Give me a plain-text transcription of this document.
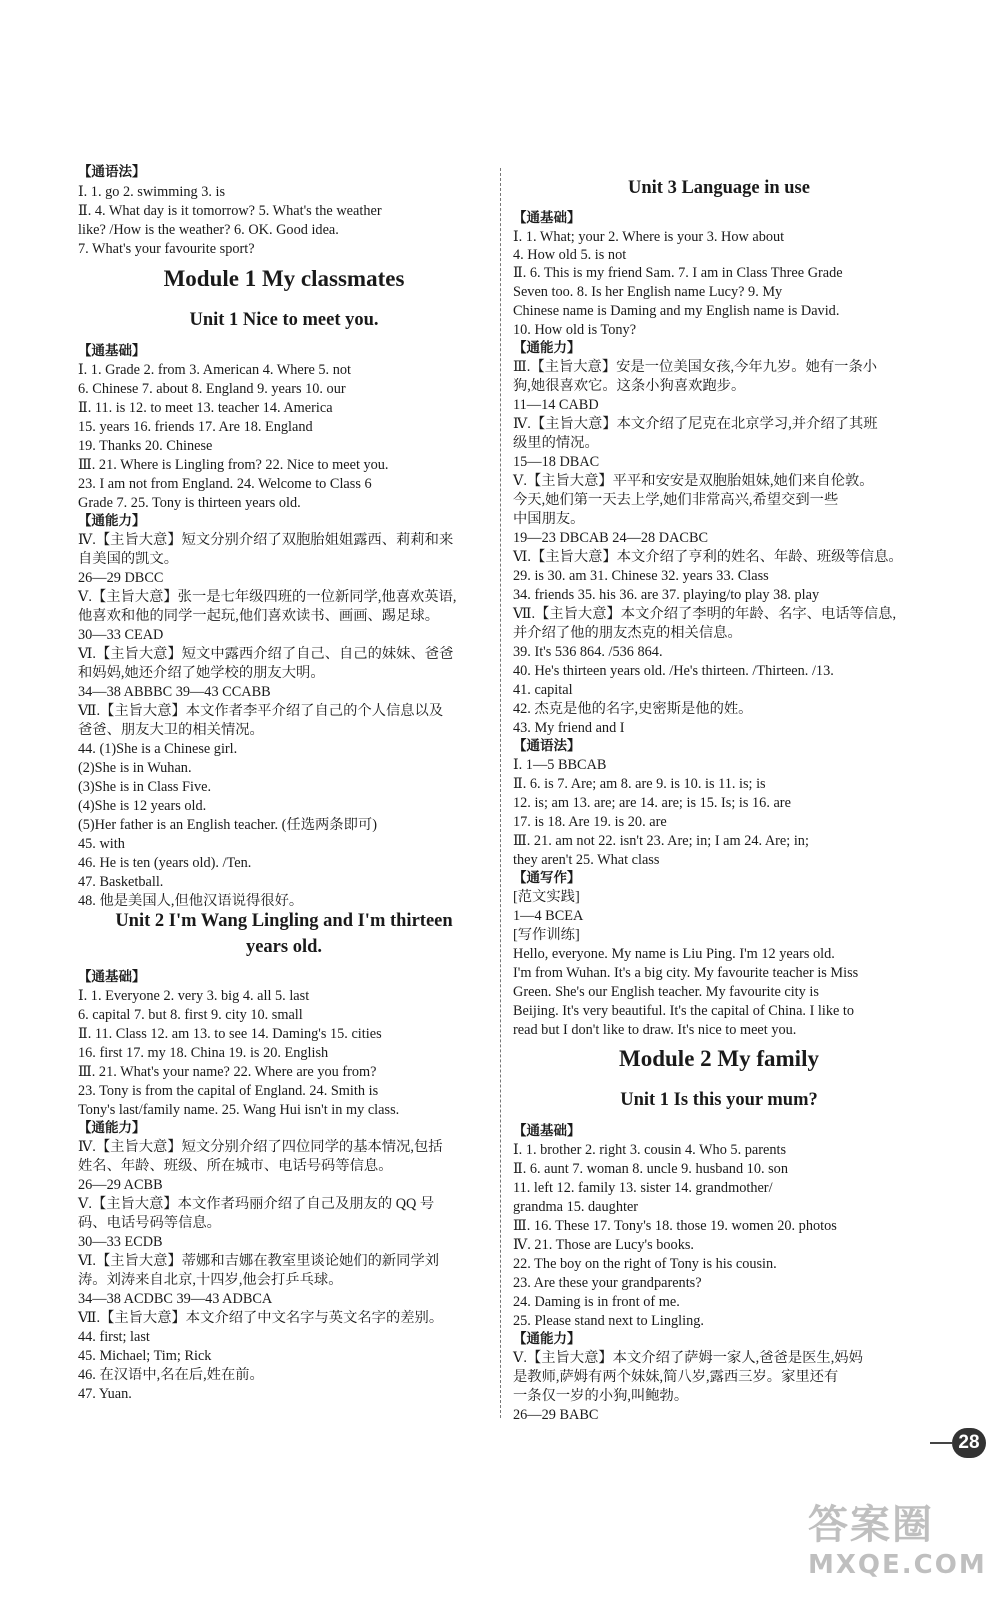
【通语法】
Ⅰ. 1. go 2. swimming 3. is
Ⅱ. 4. What day is it tomorrow? 5. What's the weather
like? /How is the weather? 6. OK. Good idea.
7. What's your favourite sport?
Module 1 My classmates
Unit 1 Nice to meet you.
【通基础】
Ⅰ. 1. Grade 2. from 3. American 4. Where 5. not
6. Chinese 7. about 8. England 9. years 10. our
Ⅱ. 11. is 12. to meet 13. teacher 14. America
15. years 16. friends 17. Are 18. England
19. Thanks 20. Chinese
Ⅲ. 21. Where is Lingling from? 22. Nice to meet you.
23. I am not from England. 24. Welcome to Class 6
Grade 7. 25. Tony is thirteen years old.
【通能力】
Ⅳ.【主旨大意】短文分别介绍了双胞胎姐姐露西、莉莉和来
自美国的凯文。
26—29 DBCC
Ⅴ.【主旨大意】张一是七年级四班的一位新同学,他喜欢英语,
他喜欢和他的同学一起玩,他们喜欢读书、画画、踢足球。
30—33 CEAD
Ⅵ.【主旨大意】短文中露西介绍了自己、自己的妹妹、爸爸
和妈妈,她还介绍了她学校的朋友大明。
34—38 ABBBC 39—43 CCABB
Ⅶ.【主旨大意】本文作者李平介绍了自己的个人信息以及
爸爸、朋友大卫的相关情况。
44. (1)She is a Chinese girl.
(2)She is in Wuhan.
(3)She is in Class Five.
(4)She is 12 years old.
(5)Her father is an English teacher. (任选两条即可)
45. with
46. He is ten (years old). /Ten.
47. Basketball.
48. 他是美国人,但他汉语说得很好。
Unit 2 I'm Wang Lingling and I'm thirteen
years old.
【通基础】
Ⅰ. 1. Everyone 2. very 3. big 4. all 5. last
6. capital 7. but 8. first 9. city 10. small
Ⅱ. 11. Class 12. am 13. to see 14. Daming's 15. cities
16. first 17. my 18. China 19. is 20. English
Ⅲ. 21. What's your name? 22. Where are you from?
23. Tony is from the capital of England. 24. Smith is
Tony's last/family name. 25. Wang Hui isn't in my class.
【通能力】
Ⅳ.【主旨大意】短文分别介绍了四位同学的基本情况,包括
姓名、年龄、班级、所在城市、电话号码等信息。
26—29 ACBB
Ⅴ.【主旨大意】本文作者玛丽介绍了自己及朋友的 QQ 号
码、电话号码等信息。
30—33 ECDB
Ⅵ.【主旨大意】蒂娜和吉娜在教室里谈论她们的新同学刘
涛。刘涛来自北京,十四岁,他会打乒乓球。
34—38 ACDBC 39—43 ADBCA
Ⅶ.【主旨大意】本文介绍了中文名字与英文名字的差别。
44. first; last
45. Michael; Tim; Rick
46. 在汉语中,名在后,姓在前。
47. Yuan.
Unit 3 Language in use
【通基础】
Ⅰ. 1. What; your 2. Where is your 3. How about
4. How old 5. is not
Ⅱ. 6. This is my friend Sam. 7. I am in Class Three Grade
Seven too. 8. Is her English name Lucy? 9. My
Chinese name is Daming and my English name is David.
10. How old is Tony?
【通能力】
Ⅲ.【主旨大意】安是一位美国女孩,今年九岁。她有一条小
狗,她很喜欢它。这条小狗喜欢跑步。
11—14 CABD
Ⅳ.【主旨大意】本文介绍了尼克在北京学习,并介绍了其班
级里的情况。
15—18 DBAC
Ⅴ.【主旨大意】平平和安安是双胞胎姐妹,她们来自伦敦。
今天,她们第一天去上学,她们非常高兴,希望交到一些
中国朋友。
19—23 DBCAB 24—28 DACBC
Ⅵ.【主旨大意】本文介绍了亨利的姓名、年龄、班级等信息。
29. is 30. am 31. Chinese 32. years 33. Class
34. friends 35. his 36. are 37. playing/to play 38. play
Ⅶ.【主旨大意】本文介绍了李明的年龄、名字、电话等信息,
并介绍了他的朋友杰克的相关信息。
39. It's 536 864. /536 864.
40. He's thirteen years old. /He's thirteen. /Thirteen. /13.
41. capital
42. 杰克是他的名字,史密斯是他的姓。
43. My friend and I
【通语法】
Ⅰ. 1—5 BBCAB
Ⅱ. 6. is 7. Are; am 8. are 9. is 10. is 11. is; is
12. is; am 13. are; are 14. are; is 15. Is; is 16. are
17. is 18. Are 19. is 20. are
Ⅲ. 21. am not 22. isn't 23. Are; in; I am 24. Are; in;
they aren't 25. What class
【通写作】
[范文实践]
1—4 BCEA
[写作训练]
Hello, everyone. My name is Liu Ping. I'm 12 years old.
I'm from Wuhan. It's a big city. My favourite teacher is Miss
Green. She's our English teacher. My favourite city is
Beijing. It's very beautiful. It's the capital of China. I like to
read but I don't like to draw. It's nice to meet you.
Module 2 My family
Unit 1 Is this your mum?
【通基础】
Ⅰ. 1. brother 2. right 3. cousin 4. Who 5. parents
Ⅱ. 6. aunt 7. woman 8. uncle 9. husband 10. son
11. left 12. family 13. sister 14. grandmother/
grandma 15. daughter
Ⅲ. 16. These 17. Tony's 18. those 19. women 20. photos
Ⅳ. 21. Those are Lucy's books.
22. The boy on the right of Tony is his cousin.
23. Are these your grandparents?
24. Daming is in front of me.
25. Please stand next to Lingling.
【通能力】
Ⅴ.【主旨大意】本文介绍了萨姆一家人,爸爸是医生,妈妈
是教师,萨姆有两个妹妹,简八岁,露西三岁。家里还有
一条仅一岁的小狗,叫鲍勃。
26—29 BABC
28
答案圈
MXQE.COM
